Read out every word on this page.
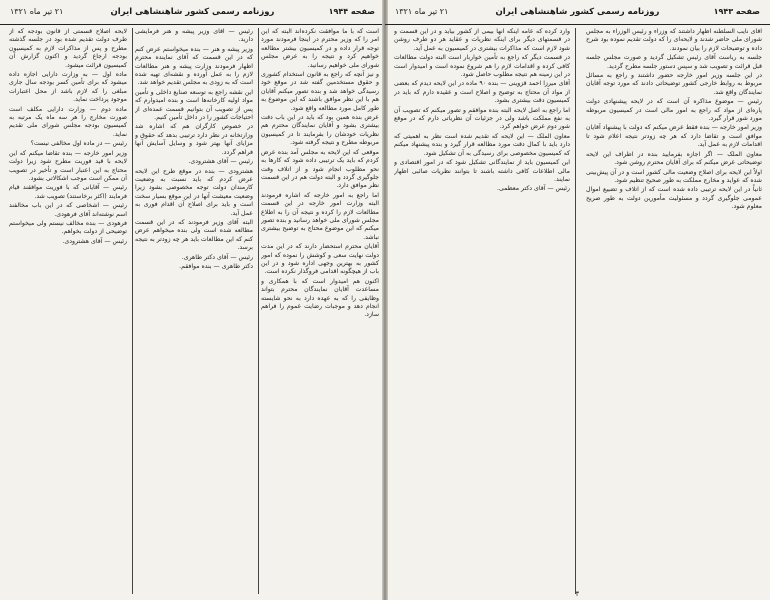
صفحه ۱۹۴۴
روزنامه رسمی کشور شاهنشاهی ایران
۲۱ تیر ماه ۱۳۲۱

است که با ما موافقت نکرده‌اند البته که این امر را که وزیر محترم در اینجا فرمودند مورد توجه قرار داده و در کمیسیون بیشتر مطالعه خواهیم کرد و نتیجه را به عرض مجلس شورای ملی خواهیم رسانید.

و نیز آنچه که راجع به قانون استخدام کشوری و حقوق مستخدمین گفته شد در موقع خود رسیدگی خواهد شد و بنده تصور میکنم آقایان هم با این نظر موافق باشند که این موضوع به طور کامل مورد مطالعه واقع شود.

عرض بنده همین بود که باید در این باب دقت بیشتری بشود و آقایان نمایندگان محترم هم نظریات خودشان را بفرمایند تا در کمیسیون مربوطه مطرح و نتیجه گرفته شود.

موقعی که این لایحه به مجلس آمد بنده عرض کردم که باید یک ترتیبی داده شود که کارها به نحو مطلوب انجام شود و از اتلاف وقت جلوگیری گردد و البته دولت هم در این قسمت نظر موافق دارد.

اما راجع به امور خارجه که اشاره فرمودند البته وزارت امور خارجه در این قسمت مطالعات لازم را کرده و نتیجه آن را به اطلاع مجلس شورای ملی خواهد رسانید و بنده تصور میکنم که این موضوع محتاج به توضیح بیشتری نباشد.

آقایان محترم استحضار دارند که در این مدت دولت نهایت سعی و کوشش را نموده که امور کشور به بهترین وجهی اداره شود و در این باب از هیچگونه اقدامی فروگذار نکرده است.

اکنون هم امیدوار است که با همکاری و مساعدت آقایان نمایندگان محترم بتواند وظایفی را که به عهده دارد به نحو شایسته انجام دهد و موجبات رضایت عموم را فراهم سازد.

رئیس — آقای وزیر پیشه و هنر فرمایشی دارید.

وزیر پیشه و هنر — بنده میخواستم عرض کنم که در این قسمت که آقای نماینده محترم اظهار فرمودند وزارت پیشه و هنر مطالعات لازم را به عمل آورده و نقشه‌ای تهیه شده است که به زودی به مجلس تقدیم خواهد شد.

این نقشه راجع به توسعه صنایع داخلی و تأمین مواد اولیه کارخانه‌ها است و بنده امیدوارم که پس از تصویب آن بتوانیم قسمت عمده‌ای از احتیاجات کشور را در داخل تأمین کنیم.

در خصوص کارگران هم که اشاره شد وزارتخانه در نظر دارد ترتیبی بدهد که حقوق و مزایای آنها بهتر شود و وسایل آسایش آنها فراهم گردد.

رئیس — آقای هشترودی.

هشترودی — بنده در موقع طرح این لایحه عرض کردم که باید نسبت به وضعیت کارمندان دولت توجه مخصوصی بشود زیرا وضعیت معیشت آنها در این موقع بسیار سخت است و باید برای اصلاح آن اقدام فوری به عمل آید.

البته آقای وزیر فرمودند که در این قسمت مطالعه شده است ولی بنده میخواهم عرض کنم که این مطالعات باید هر چه زودتر به نتیجه برسد.

رئیس — آقای دکتر طاهری.

دکتر طاهری — بنده موافقم.

لایحه اصلاح قسمتی از قانون بودجه که از طرف دولت تقدیم شده بود در جلسه گذشته مطرح و پس از مذاکرات لازم به کمیسیون بودجه ارجاع گردید و اکنون گزارش آن کمیسیون قرائت میشود.

ماده اول — به وزارت دارایی اجازه داده میشود که برای تأمین کسر بودجه سال جاری مبلغی را که لازم باشد از محل اعتبارات موجود پرداخت نماید.

ماده دوم — وزارت دارایی مکلف است صورت مخارج را هر سه ماه یک مرتبه به کمیسیون بودجه مجلس شورای ملی تقدیم نماید.

رئیس — در ماده اول مخالفی نیست؟

وزیر امور خارجه — بنده تقاضا میکنم که این لایحه با قید فوریت مطرح شود زیرا دولت محتاج به این اعتبار است و تأخیر در تصویب آن ممکن است موجب اشکالاتی بشود.

رئیس — آقایانی که با فوریت موافقند قیام فرمایند (اکثر برخاستند) تصویب شد.

رئیس — اشخاصی که در این باب مخالفند اسم نوشته‌اند آقای فرهودی.

فرهودی — بنده مخالف نیستم ولی میخواستم توضیحی از دولت بخواهم.

رئیس — آقای هشترودی.

صفحه ۱۹۴۳
روزنامه رسمی کشور شاهنشاهی ایران
۲۱ تیر ماه ۱۳۲۱

آقای نایب السلطنه اظهار داشتند که وزراء و رئیس الوزراء به مجلس شورای ملی حاضر شدند و لایحه‌ای را که دولت تقدیم نموده بود شرح داده و توضیحات لازم را بیان نمودند.

جلسه به ریاست آقای رئیس تشکیل گردید و صورت مجلس جلسه قبل قرائت و تصویب شد و سپس دستور جلسه مطرح گردید.

در این جلسه وزیر امور خارجه حضور داشتند و راجع به مسائل مربوط به روابط خارجی کشور توضیحاتی دادند که مورد توجه آقایان نمایندگان واقع شد.

رئیس — موضوع مذاکره آن است که در لایحه پیشنهادی دولت پاره‌ای از مواد که راجع به امور مالی است در کمیسیون مربوطه مورد شور قرار گیرد.

وزیر امور خارجه — بنده فقط عرض میکنم که دولت با پیشنهاد آقایان موافق است و تقاضا دارد که هر چه زودتر نتیجه اعلام شود تا اقدامات لازم به عمل آید.

معاون الملک — اگر اجازه بفرمایید بنده در اطراف این لایحه توضیحاتی عرض میکنم که برای آقایان محترم روشن شود.

اولاً این لایحه برای اصلاح وضعیت مالی کشور است و در آن پیش‌بینی شده که عواید و مخارج مملکت به طور صحیح تنظیم شود.

ثانیاً در این لایحه ترتیبی داده شده است که از اتلاف و تضییع اموال عمومی جلوگیری گردد و مسئولیت مأمورین دولت به طور صریح معلوم شود.

وارد کرده که عامه اینکه آنها بیمی از کشور بیاید و در این قسمت و در قسمتهای دیگر برای اینکه نظریات و عقاید هر دو طرف روشن شود لازم است که مذاکرات بیشتری در کمیسیون به عمل آید.

در قسمت دیگر که راجع به تأمین خواربار است البته دولت مطالعات کافی کرده و اقدامات لازم را هم شروع نموده است و امیدوار است در این زمینه هم نتیجه مطلوب حاصل شود.

آقای میرزا احمد قزوینی — بنده ۹۰ ماده در این لایحه دیدم که بعضی از مواد آن محتاج به توضیح و اصلاح است و عقیده دارم که باید در کمیسیون دقت بیشتری بشود.

اما راجع به اصل لایحه البته بنده موافقم و تصور میکنم که تصویب آن به نفع مملکت باشد ولی در جزئیات آن نظریاتی دارم که در موقع شور دوم عرض خواهم کرد.

معاون الملک — این لایحه که تقدیم شده است نظر به اهمیتی که دارد باید با کمال دقت مورد مطالعه قرار گیرد و بنده پیشنهاد میکنم که کمیسیون مخصوصی برای رسیدگی به آن تشکیل شود.

این کمیسیون باید از نمایندگانی تشکیل شود که در امور اقتصادی و مالی اطلاعات کافی داشته باشند تا بتوانند نظریات صائبی اظهار نمایند.

رئیس — آقای دکتر معظمی.

۴
